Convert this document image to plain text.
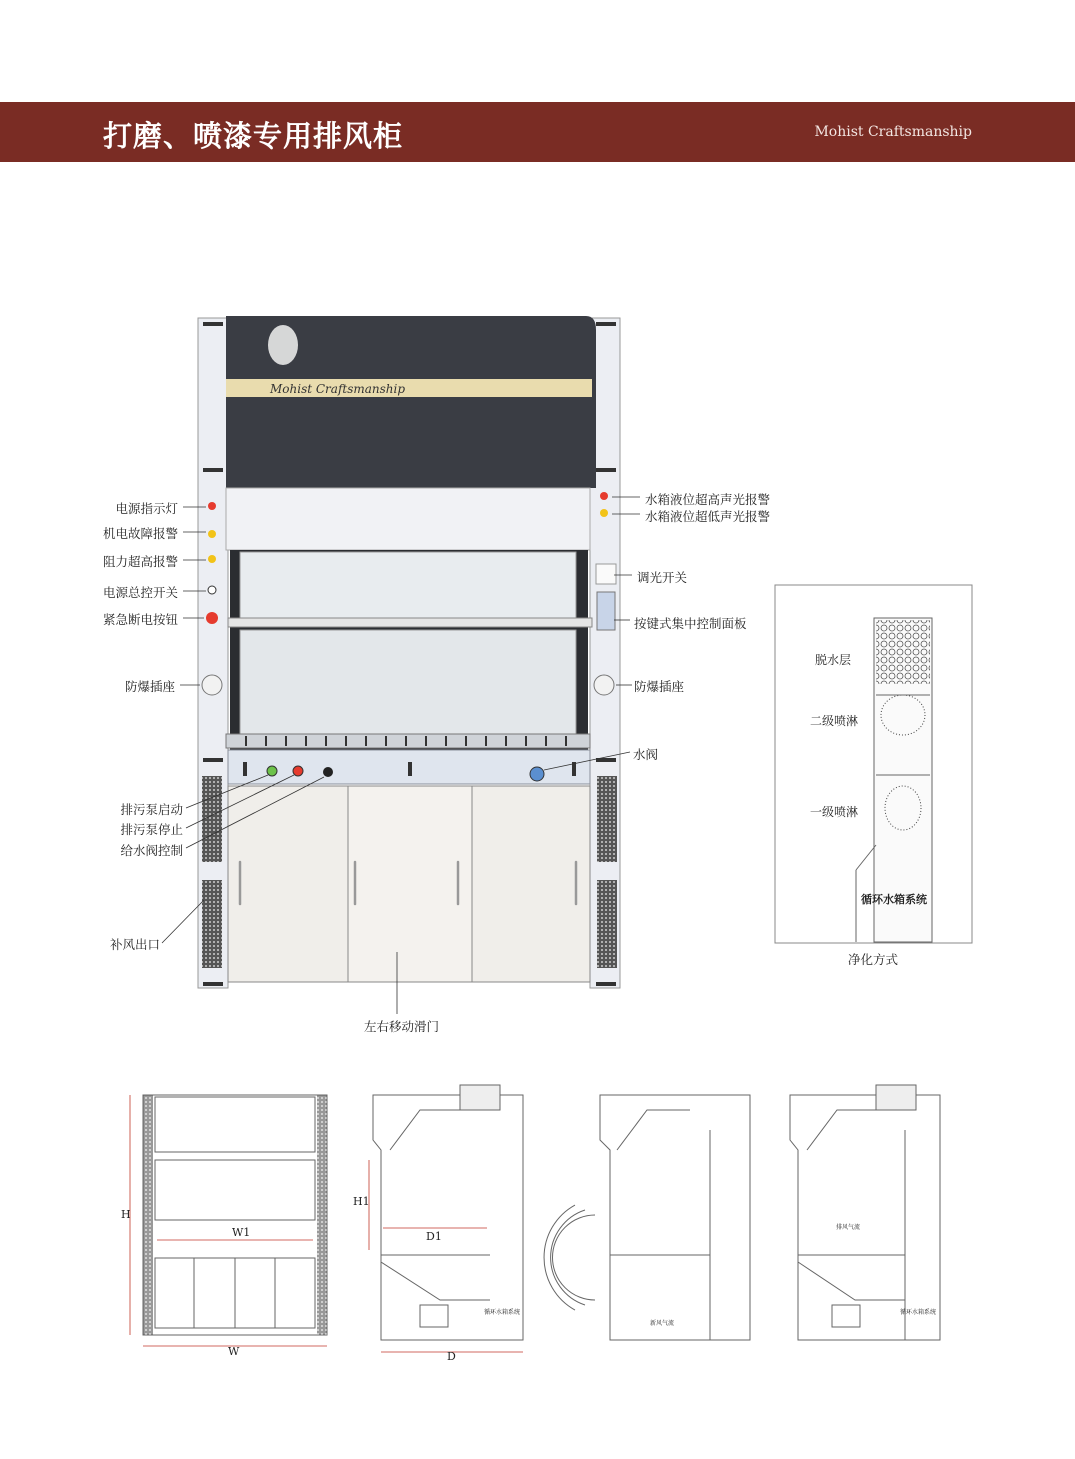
打磨、喷漆专用排风柜	Mohist Craftsmanship
Mohist Craftsmanship
电源指示灯
机电故障报警
阻力超高报警
电源总控开关
紧急断电按钮
防爆插座
排污泵启动
排污泵停止
给水阀控制
补风出口
水箱液位超高声光报警
水箱液位超低声光报警
调光开关
按键式集中控制面板
防爆插座
水阀
左右移动滑门
脱水层
二级喷淋
一级喷淋
循环水箱系统
净化方式
H
W
W1
H1
D1
D
循环水箱系统	循环水箱系统
新风气流
排风气流
